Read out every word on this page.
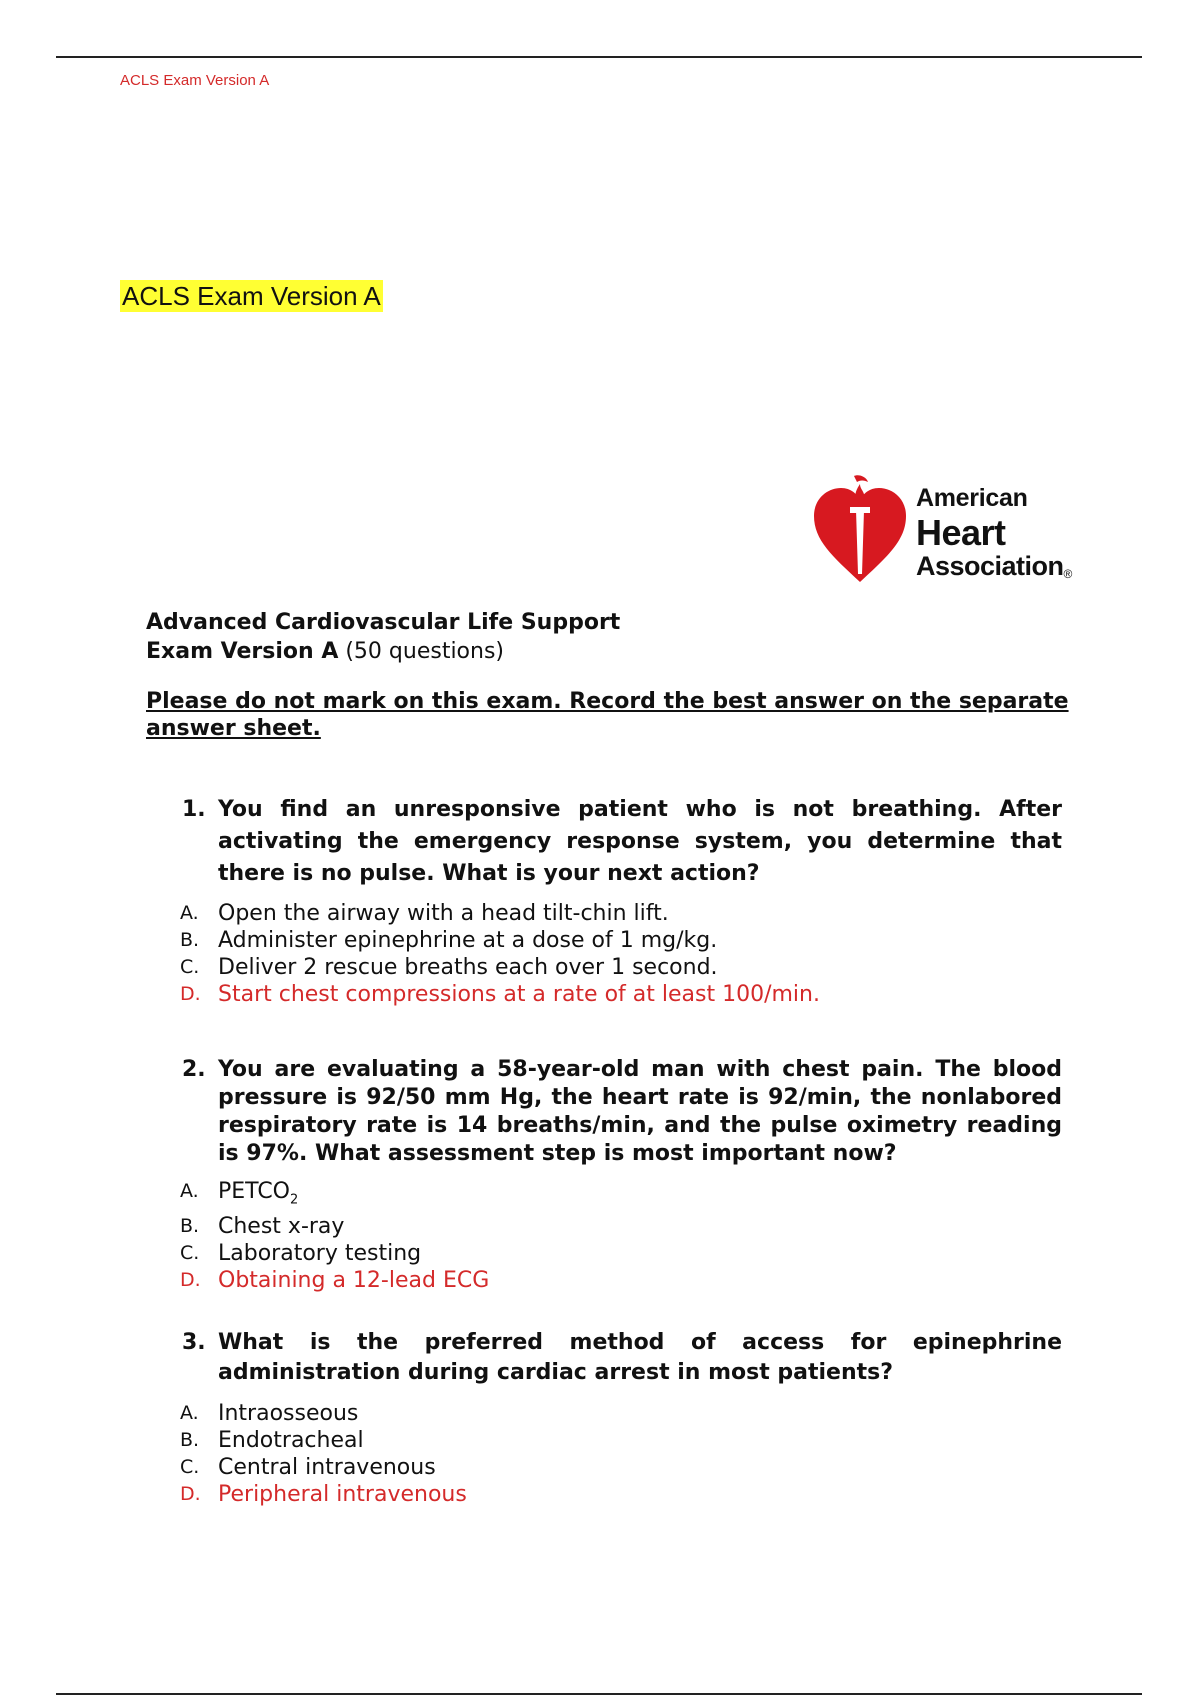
ACLS Exam Version A
ACLS Exam Version A
American
Heart
Association®
Advanced Cardiovascular Life Support
Exam Version A (50 questions)
Please do not mark on this exam. Record the best answer on the separate answer sheet.
1. You find an unresponsive patient who is not breathing. After activating the emergency response system, you determine that there is no pulse. What is your next action?
A. Open the airway with a head tilt-chin lift.
B. Administer epinephrine at a dose of 1 mg/kg.
C. Deliver 2 rescue breaths each over 1 second.
D. Start chest compressions at a rate of at least 100/min.
2. You are evaluating a 58-year-old man with chest pain. The blood pressure is 92/50 mm Hg, the heart rate is 92/min, the nonlabored respiratory rate is 14 breaths/min, and the pulse oximetry reading is 97%. What assessment step is most important now?
A. $PETCO_2$
B. Chest x-ray
C. Laboratory testing
D. Obtaining a 12-lead ECG
3. What is the preferred method of access for epinephrine administration during cardiac arrest in most patients?
A. Intraosseous
B. Endotracheal
C. Central intravenous
D. Peripheral intravenous
